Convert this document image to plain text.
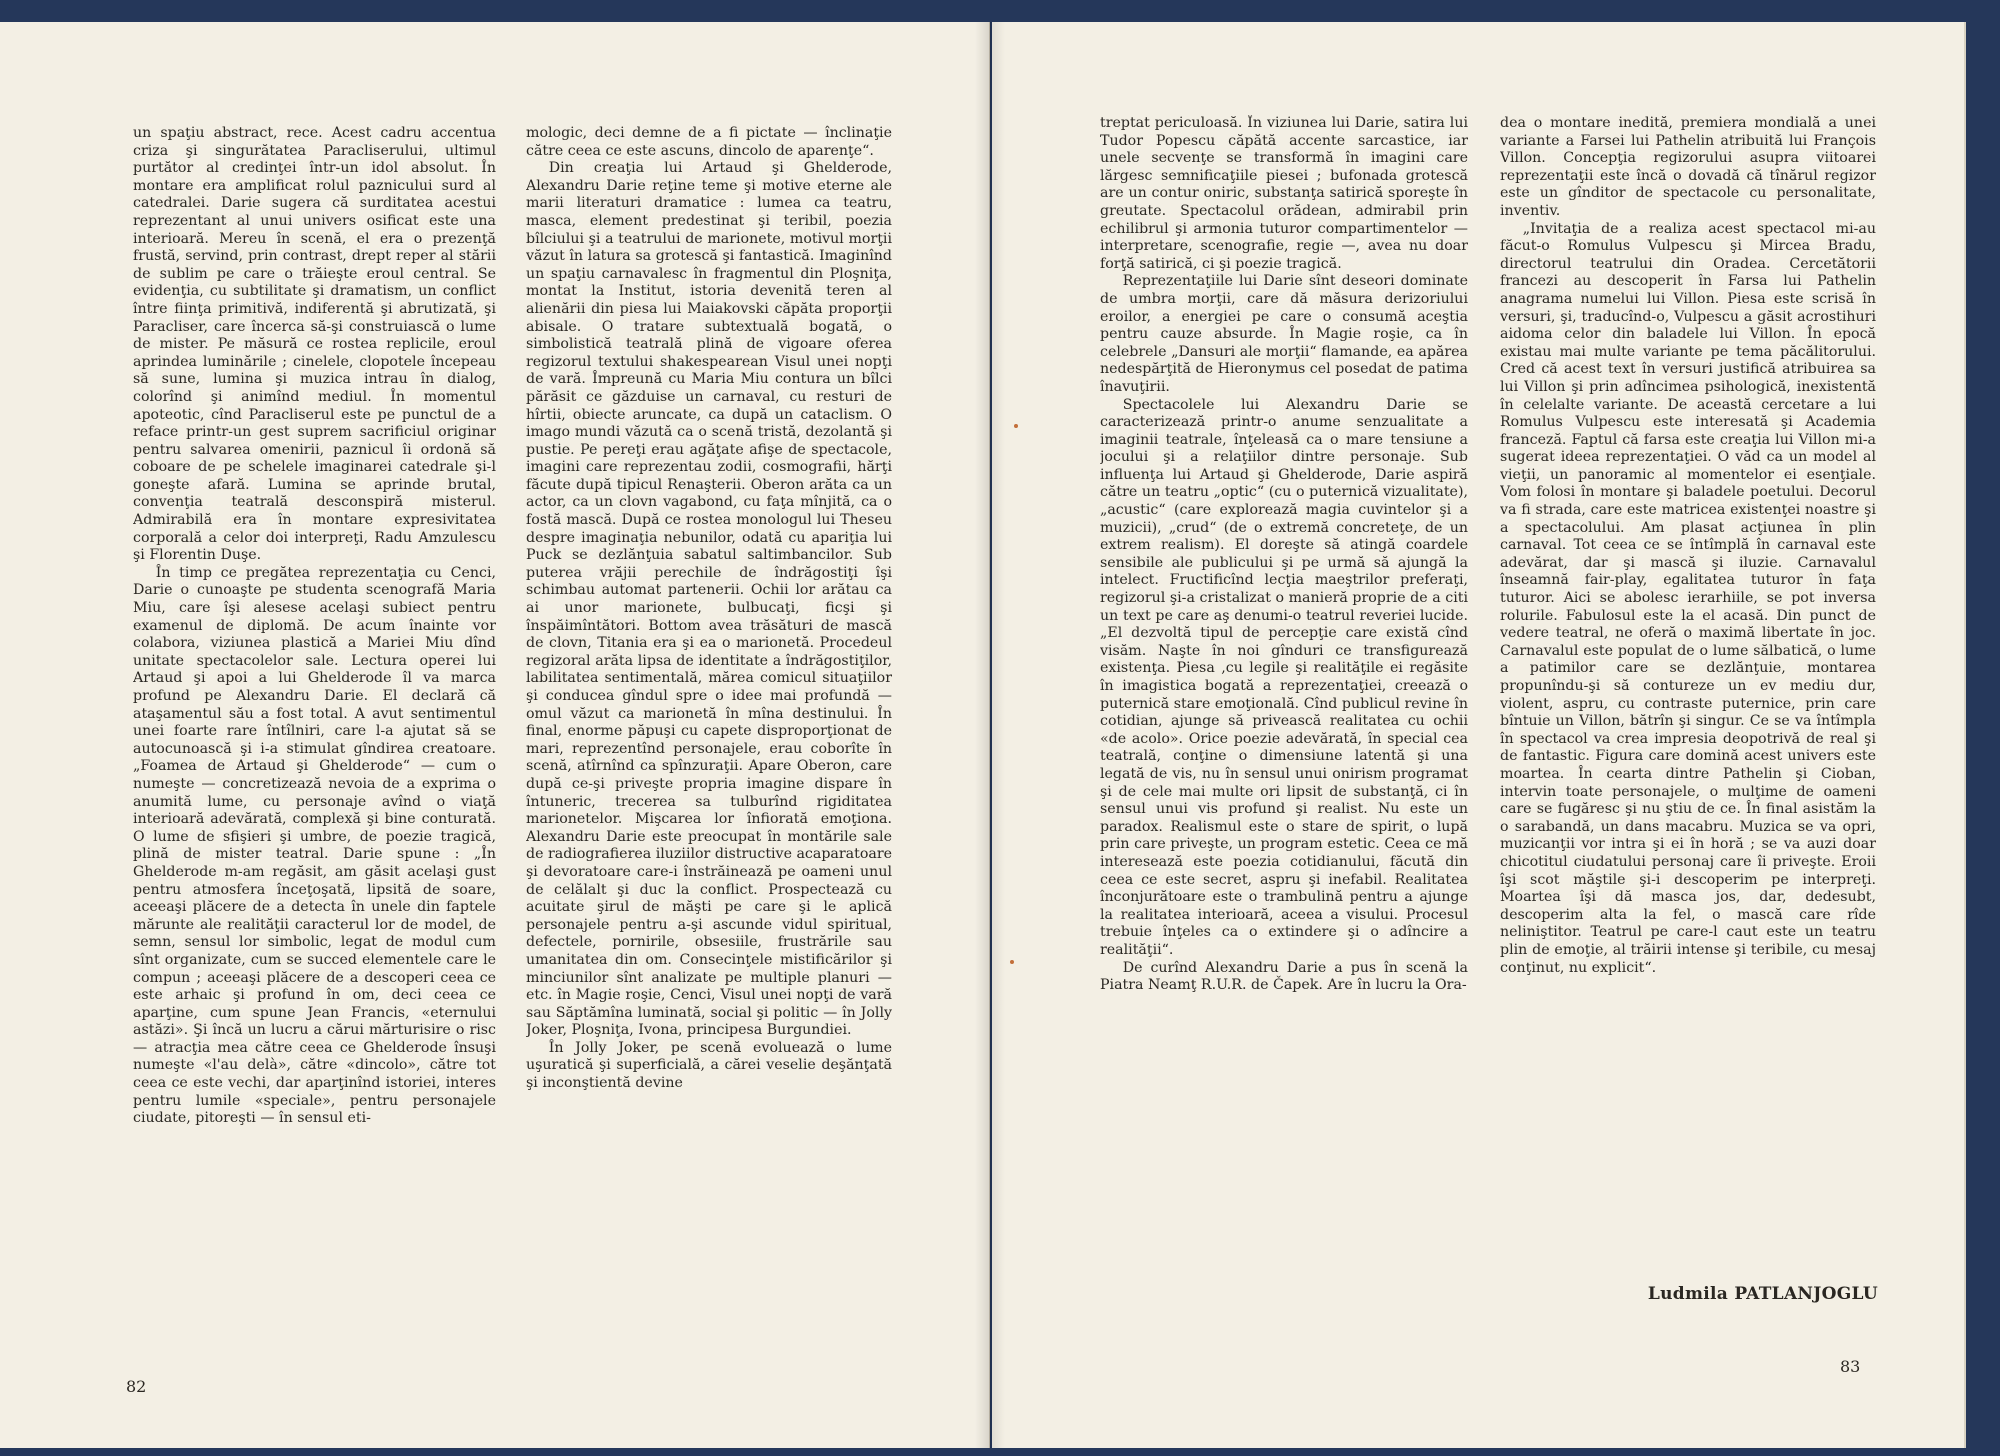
82
83

un spaţiu abstract, rece. Acest cadru accentua criza şi singurătatea Paracliserului, ultimul purtător al credinţei într-un idol absolut. În montare era amplificat rolul paznicului surd al catedralei. Darie sugera că surditatea acestui reprezentant al unui univers osificat este una interioară. Mereu în scenă, el era o prezenţă frustă, servind, prin contrast, drept reper al stării de sublim pe care o trăieşte eroul central. Se evidenţia, cu subtilitate şi dramatism, un conflict între fiinţa primitivă, indiferentă şi abrutizată, şi Paracliser, care încerca să-şi construiască o lume de mister. Pe măsură ce rostea replicile, eroul aprindea luminările ; cinelele, clopotele începeau să sune, lumina şi muzica intrau în dialog, colorînd şi animînd mediul. În momentul apoteotic, cînd Paracliserul este pe punctul de a reface printr-un gest suprem sacrificiul originar pentru salvarea omenirii, paznicul îi ordonă să coboare de pe schelele imaginarei catedrale şi-l goneşte afară. Lumina se aprinde brutal, convenţia teatrală desconspiră misterul. Admirabilă era în montare expresivitatea corporală a celor doi interpreţi, Radu Amzulescu şi Florentin Duşe.

În timp ce pregătea reprezentaţia cu Cenci, Darie o cunoaşte pe studenta scenografă Maria Miu, care îşi alesese acelaşi subiect pentru examenul de diplomă. De acum înainte vor colabora, viziunea plastică a Mariei Miu dînd unitate spectacolelor sale. Lectura operei lui Artaud şi apoi a lui Ghelderode îl va marca profund pe Alexandru Darie. El declară că ataşamentul său a fost total. A avut sentimentul unei foarte rare întîlniri, care l-a ajutat să se autocunoască şi i-a stimulat gîndirea creatoare. „Foamea de Artaud şi Ghelderode“ — cum o numeşte — concretizează nevoia de a exprima o anumită lume, cu personaje avînd o viaţă interioară adevărată, complexă şi bine conturată. O lume de sfişieri şi umbre, de poezie tragică, plină de mister teatral. Darie spune : „În Ghelderode m-am regăsit, am găsit acelaşi gust pentru atmosfera înceţoşată, lipsită de soare, aceeaşi plăcere de a detecta în unele din faptele mărunte ale realităţii caracterul lor de model, de semn, sensul lor simbolic, legat de modul cum sînt organizate, cum se succed elementele care le compun ; aceeaşi plăcere de a descoperi ceea ce este arhaic şi profund în om, deci ceea ce aparţine, cum spune Jean Francis, «eternului astăzi». Şi încă un lucru a cărui mărturisire o risc — atracţia mea către ceea ce Ghelderode însuşi numeşte «l'au delà», către «dincolo», către tot ceea ce este vechi, dar aparţinînd istoriei, interes pentru lumile «speciale», pentru personajele ciudate, pitoreşti — în sensul eti-

mologic, deci demne de a fi pictate — înclinaţie către ceea ce este ascuns, dincolo de aparenţe“.

Din creaţia lui Artaud şi Ghelderode, Alexandru Darie reţine teme şi motive eterne ale marii literaturi dramatice : lumea ca teatru, masca, element predestinat şi teribil, poezia bîlciului şi a teatrului de marionete, motivul morţii văzut în latura sa grotescă şi fantastică. Imaginînd un spaţiu carnavalesc în fragmentul din Ploşniţa, montat la Institut, istoria devenită teren al alienării din piesa lui Maiakovski căpăta proporţii abisale. O tratare subtextuală bogată, o simbolistică teatrală plină de vigoare oferea regizorul textului shakespearean Visul unei nopţi de vară. Împreună cu Maria Miu contura un bîlci părăsit ce găzduise un carnaval, cu resturi de hîrtii, obiecte aruncate, ca după un cataclism. O imago mundi văzută ca o scenă tristă, dezolantă şi pustie. Pe pereţi erau agăţate afişe de spectacole, imagini care reprezentau zodii, cosmografii, hărţi făcute după tipicul Renaşterii. Oberon arăta ca un actor, ca un clovn vagabond, cu faţa mînjită, ca o fostă mască. După ce rostea monologul lui Theseu despre imaginaţia nebunilor, odată cu apariţia lui Puck se dezlănţuia sabatul saltimbancilor. Sub puterea vrăjii perechile de îndrăgostiţi îşi schimbau automat partenerii. Ochii lor arătau ca ai unor marionete, bulbucaţi, ficşi şi înspăimîntători. Bottom avea trăsături de mască de clovn, Titania era şi ea o marionetă. Procedeul regizoral arăta lipsa de identitate a îndrăgostiţilor, labilitatea sentimentală, mărea comicul situaţiilor şi conducea gîndul spre o idee mai profundă — omul văzut ca marionetă în mîna destinului. În final, enorme păpuşi cu capete disproporţionat de mari, reprezentînd personajele, erau coborîte în scenă, atîrnînd ca spînzuraţii. Apare Oberon, care după ce-şi priveşte propria imagine dispare în întuneric, trecerea sa tulburînd rigiditatea marionetelor. Mişcarea lor înfiorată emoţiona. Alexandru Darie este preocupat în montările sale de radiografierea iluziilor distructive acaparatoare şi devoratoare care-i înstrăinează pe oameni unul de celălalt şi duc la conflict. Prospectează cu acuitate şirul de măşti pe care şi le aplică personajele pentru a-şi ascunde vidul spiritual, defectele, pornirile, obsesiile, frustrările sau umanitatea din om. Consecinţele mistificărilor şi minciunilor sînt analizate pe multiple planuri — etc. în Magie roşie, Cenci, Visul unei nopţi de vară sau Săptămîna luminată, social şi politic — în Jolly Joker, Ploşniţa, Ivona, principesa Burgundiei.

În Jolly Joker, pe scenă evoluează o lume uşuratică şi superficială, a cărei veselie deşănţată şi inconştientă devine

treptat periculoasă. În viziunea lui Darie, satira lui Tudor Popescu căpătă accente sarcastice, iar unele secvenţe se transformă în imagini care lărgesc semnificaţiile piesei ; bufonada grotescă are un contur oniric, substanţa satirică sporeşte în greutate. Spectacolul orădean, admirabil prin echilibrul şi armonia tuturor compartimentelor — interpretare, scenografie, regie —, avea nu doar forţă satirică, ci şi poezie tragică.

Reprezentaţiile lui Darie sînt deseori dominate de umbra morţii, care dă măsura derizoriului eroilor, a energiei pe care o consumă aceştia pentru cauze absurde. În Magie roşie, ca în celebrele „Dansuri ale morţii“ flamande, ea apărea nedespărţită de Hieronymus cel posedat de patima înavuţirii.

Spectacolele lui Alexandru Darie se caracterizează printr-o anume senzualitate a imaginii teatrale, înţeleasă ca o mare tensiune a jocului şi a relaţiilor dintre personaje. Sub influenţa lui Artaud şi Ghelderode, Darie aspiră către un teatru „optic“ (cu o puternică vizualitate), „acustic“ (care explorează magia cuvintelor şi a muzicii), „crud“ (de o extremă concreteţe, de un extrem realism). El doreşte să atingă coardele sensibile ale publicului şi pe urmă să ajungă la intelect. Fructificînd lecţia maeştrilor preferaţi, regizorul şi-a cristalizat o manieră proprie de a citi un text pe care aş denumi-o teatrul reveriei lucide. „El dezvoltă tipul de percepţie care există cînd visăm. Naşte în noi gînduri ce transfigurează existenţa. Piesa ,cu legile şi realităţile ei regăsite în imagistica bogată a reprezentaţiei, creează o puternică stare emoţională. Cînd publicul revine în cotidian, ajunge să privească realitatea cu ochii «de acolo». Orice poezie adevărată, în special cea teatrală, conţine o dimensiune latentă şi una legată de vis, nu în sensul unui onirism programat şi de cele mai multe ori lipsit de substanţă, ci în sensul unui vis profund şi realist. Nu este un paradox. Realismul este o stare de spirit, o lupă prin care priveşte, un program estetic. Ceea ce mă interesează este poezia cotidianului, făcută din ceea ce este secret, aspru şi inefabil. Realitatea înconjurătoare este o trambulină pentru a ajunge la realitatea interioară, aceea a visului. Procesul trebuie înţeles ca o extindere şi o adîncire a realităţii“.

De curînd Alexandru Darie a pus în scenă la Piatra Neamţ R.U.R. de Čapek. Are în lucru la Ora-

dea o montare inedită, premiera mondială a unei variante a Farsei lui Pathelin atribuită lui François Villon. Concepţia regizorului asupra viitoarei reprezentaţii este încă o dovadă că tînărul regizor este un gînditor de spectacole cu personalitate, inventiv.

„Invitaţia de a realiza acest spectacol mi-au făcut-o Romulus Vulpescu şi Mircea Bradu, directorul teatrului din Oradea. Cercetătorii francezi au descoperit în Farsa lui Pathelin anagrama numelui lui Villon. Piesa este scrisă în versuri, şi, traducînd-o, Vulpescu a găsit acrostihuri aidoma celor din baladele lui Villon. În epocă existau mai multe variante pe tema păcălitorului. Cred că acest text în versuri justifică atribuirea sa lui Villon şi prin adîncimea psihologică, inexistentă în celelalte variante. De această cercetare a lui Romulus Vulpescu este interesată şi Academia franceză. Faptul că farsa este creaţia lui Villon mi-a sugerat ideea reprezentaţiei. O văd ca un model al vieţii, un panoramic al momentelor ei esenţiale. Vom folosi în montare şi baladele poetului. Decorul va fi strada, care este matricea existenţei noastre şi a spectacolului. Am plasat acţiunea în plin carnaval. Tot ceea ce se întîmplă în carnaval este adevărat, dar şi mască şi iluzie. Carnavalul înseamnă fair-play, egalitatea tuturor în faţa tuturor. Aici se abolesc ierarhiile, se pot inversa rolurile. Fabulosul este la el acasă. Din punct de vedere teatral, ne oferă o maximă libertate în joc. Carnavalul este populat de o lume sălbatică, o lume a patimilor care se dezlănţuie, montarea propunîndu-şi să contureze un ev mediu dur, violent, aspru, cu contraste puternice, prin care bîntuie un Villon, bătrîn şi singur. Ce se va întîmpla în spectacol va crea impresia deopotrivă de real şi de fantastic. Figura care domină acest univers este moartea. În cearta dintre Pathelin şi Cioban, intervin toate personajele, o mulţime de oameni care se fugăresc şi nu ştiu de ce. În final asistăm la o sarabandă, un dans macabru. Muzica se va opri, muzicanţii vor intra şi ei în horă ; se va auzi doar chicotitul ciudatului personaj care îi priveşte. Eroii îşi scot măştile şi-i descoperim pe interpreţi. Moartea îşi dă masca jos, dar, dedesubt, descoperim alta la fel, o mască care rîde neliniştitor. Teatrul pe care-l caut este un teatru plin de emoţie, al trăirii intense şi teribile, cu mesaj conţinut, nu explicit“.

Ludmila PATLANJOGLU
